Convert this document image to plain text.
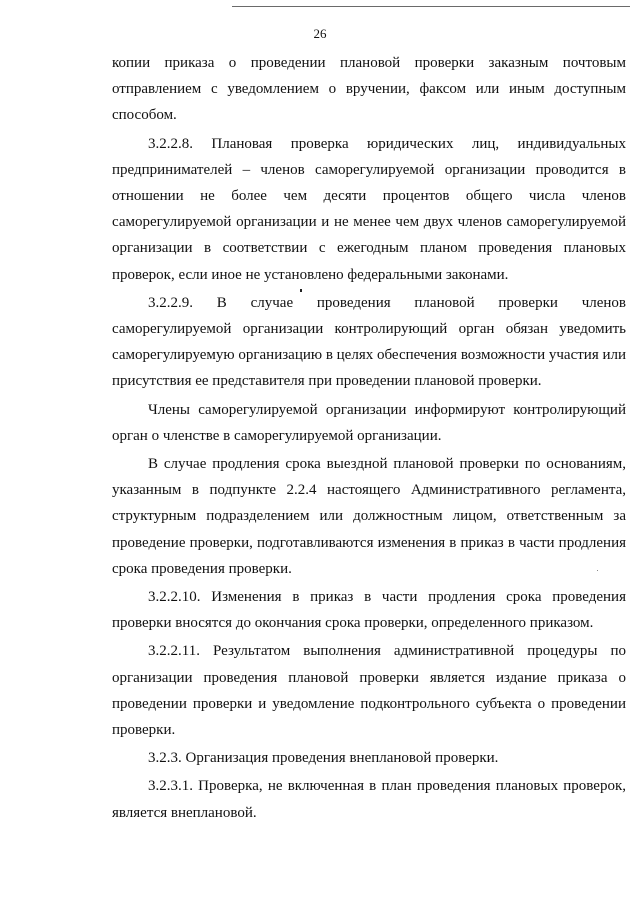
26

копии приказа о проведении плановой проверки заказным почтовым отправлением с уведомлением о вручении, факсом или иным доступным способом.

3.2.2.8. Плановая проверка юридических лиц, индивидуальных предпринимателей – членов саморегулируемой организации проводится в отношении не более чем десяти процентов общего числа членов саморегулируемой организации и не менее чем двух членов саморегулируемой организации в соответствии с ежегодным планом проведения плановых проверок, если иное не установлено федеральными законами.

3.2.2.9. В случае проведения плановой проверки членов саморегулируемой организации контролирующий орган обязан уведомить саморегулируемую организацию в целях обеспечения возможности участия или присутствия ее представителя при проведении плановой проверки.

Члены саморегулируемой организации информируют контролирующий орган о членстве в саморегулируемой организации.

В случае продления срока выездной плановой проверки по основаниям, указанным в подпункте 2.2.4 настоящего Административного регламента, структурным подразделением или должностным лицом, ответственным за проведение проверки, подготавливаются изменения в приказ в части продления срока проведения проверки.

3.2.2.10. Изменения в приказ в части продления срока проведения проверки вносятся до окончания срока проверки, определенного приказом.

3.2.2.11. Результатом выполнения административной процедуры по организации проведения плановой проверки является издание приказа о проведении проверки и уведомление подконтрольного субъекта о проведении проверки.

3.2.3. Организация проведения внеплановой проверки.

3.2.3.1. Проверка, не включенная в план проведения плановых проверок, является внеплановой.
